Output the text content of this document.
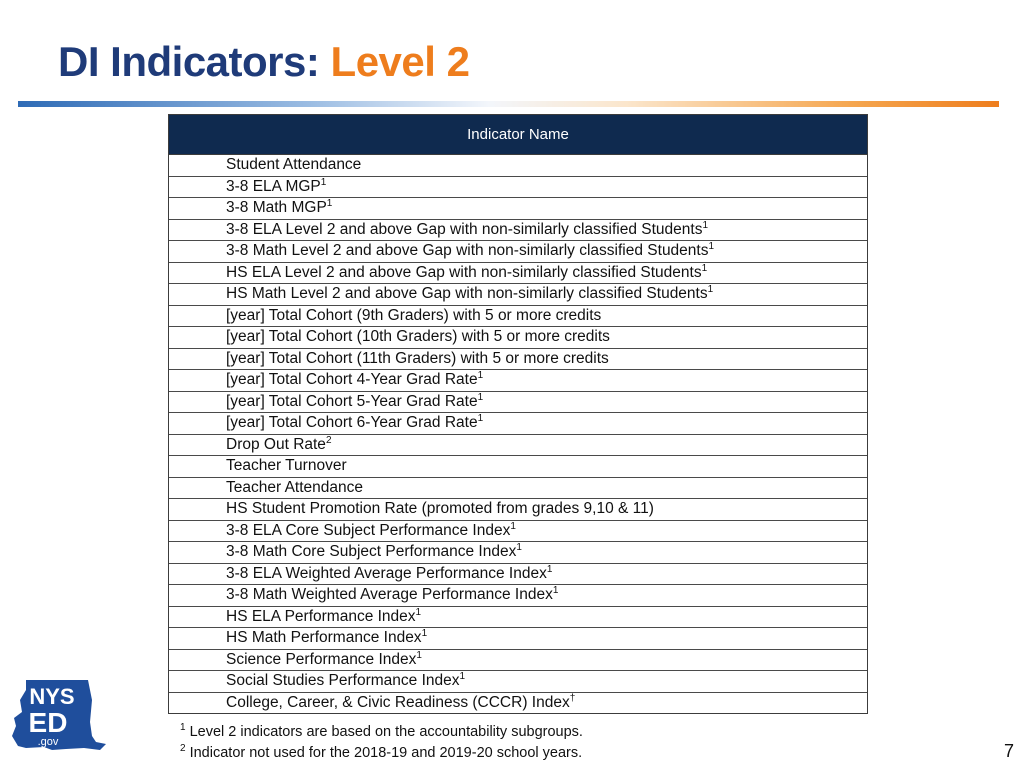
DI Indicators: Level 2
Indicator Name
Student Attendance
3-8 ELA MGP$^1$
3-8 Math MGP$^1$
3-8 ELA Level 2 and above Gap with non-similarly classified Students$^1$
3-8 Math Level 2 and above Gap with non-similarly classified Students$^1$
HS ELA Level 2 and above Gap with non-similarly classified Students$^1$
HS Math Level 2 and above Gap with non-similarly classified Students$^1$
[year] Total Cohort (9th Graders) with 5 or more credits
[year] Total Cohort (10th Graders) with 5 or more credits
[year] Total Cohort (11th Graders) with 5 or more credits
[year] Total Cohort 4-Year Grad Rate$^1$
[year] Total Cohort 5-Year Grad Rate$^1$
[year] Total Cohort 6-Year Grad Rate$^1$
Drop Out Rate$^2$
Teacher Turnover
Teacher Attendance
HS Student Promotion Rate (promoted from grades 9,10 & 11)
3-8 ELA Core Subject Performance Index$^1$
3-8 Math Core Subject Performance Index$^1$
3-8 ELA Weighted Average Performance Index$^1$
3-8 Math Weighted Average Performance Index$^1$
HS ELA Performance Index$^1$
HS Math Performance Index$^1$
Science Performance Index$^1$
Social Studies Performance Index$^1$
College, Career, & Civic Readiness (CCCR) Index†
$^1$ Level 2 indicators are based on the accountability subgroups.
$^2$ Indicator not used for the 2018-19 and 2019-20 school years.	7
NYS
ED
.gov
